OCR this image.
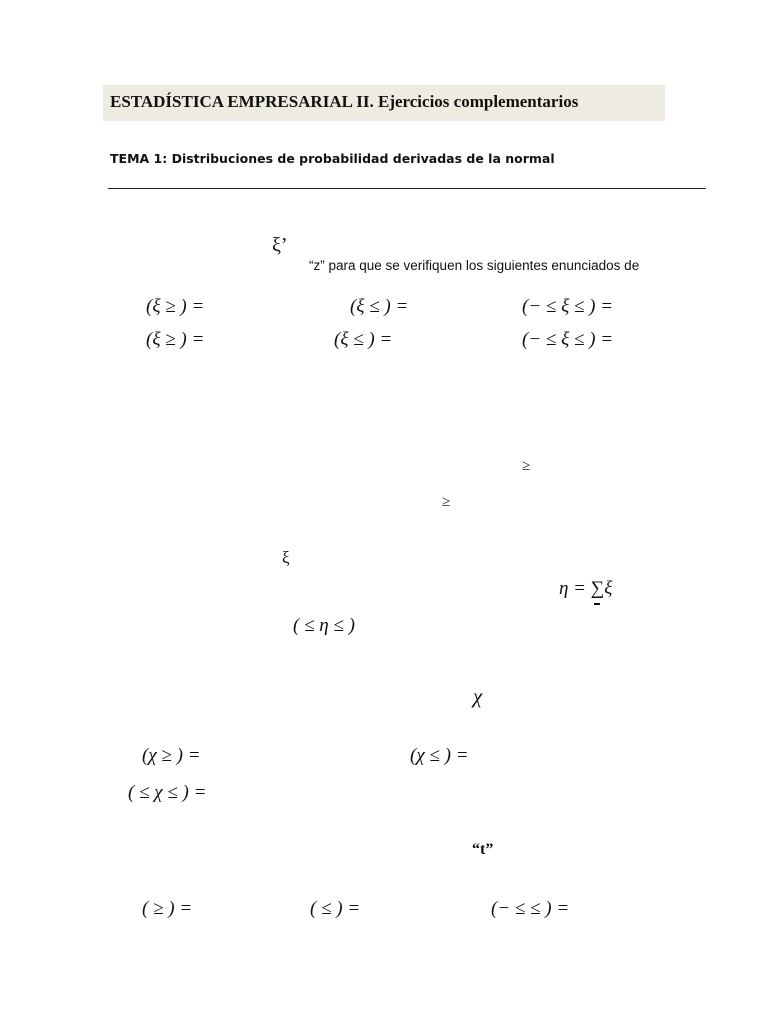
ESTADÍSTICA EMPRESARIAL II. Ejercicios complementarios
TEMA 1: Distribuciones de probabilidad derivadas de la normal
ξ’
“z” para que se verifiquen los siguientes enunciados de
(ξ ≥ ) =	(ξ ≤ ) =	(− ≤ ξ ≤ ) =
(ξ ≥ ) =	(ξ ≤ ) =	(− ≤ ξ ≤ ) =
≥
≥
ξ
η = ∑ξ
( ≤ η ≤ )
χ
(χ ≥ ) =	(χ ≤ ) =
( ≤ χ ≤ ) =
“t”
( ≥ ) =	( ≤ ) =	(− ≤ ≤ ) =
